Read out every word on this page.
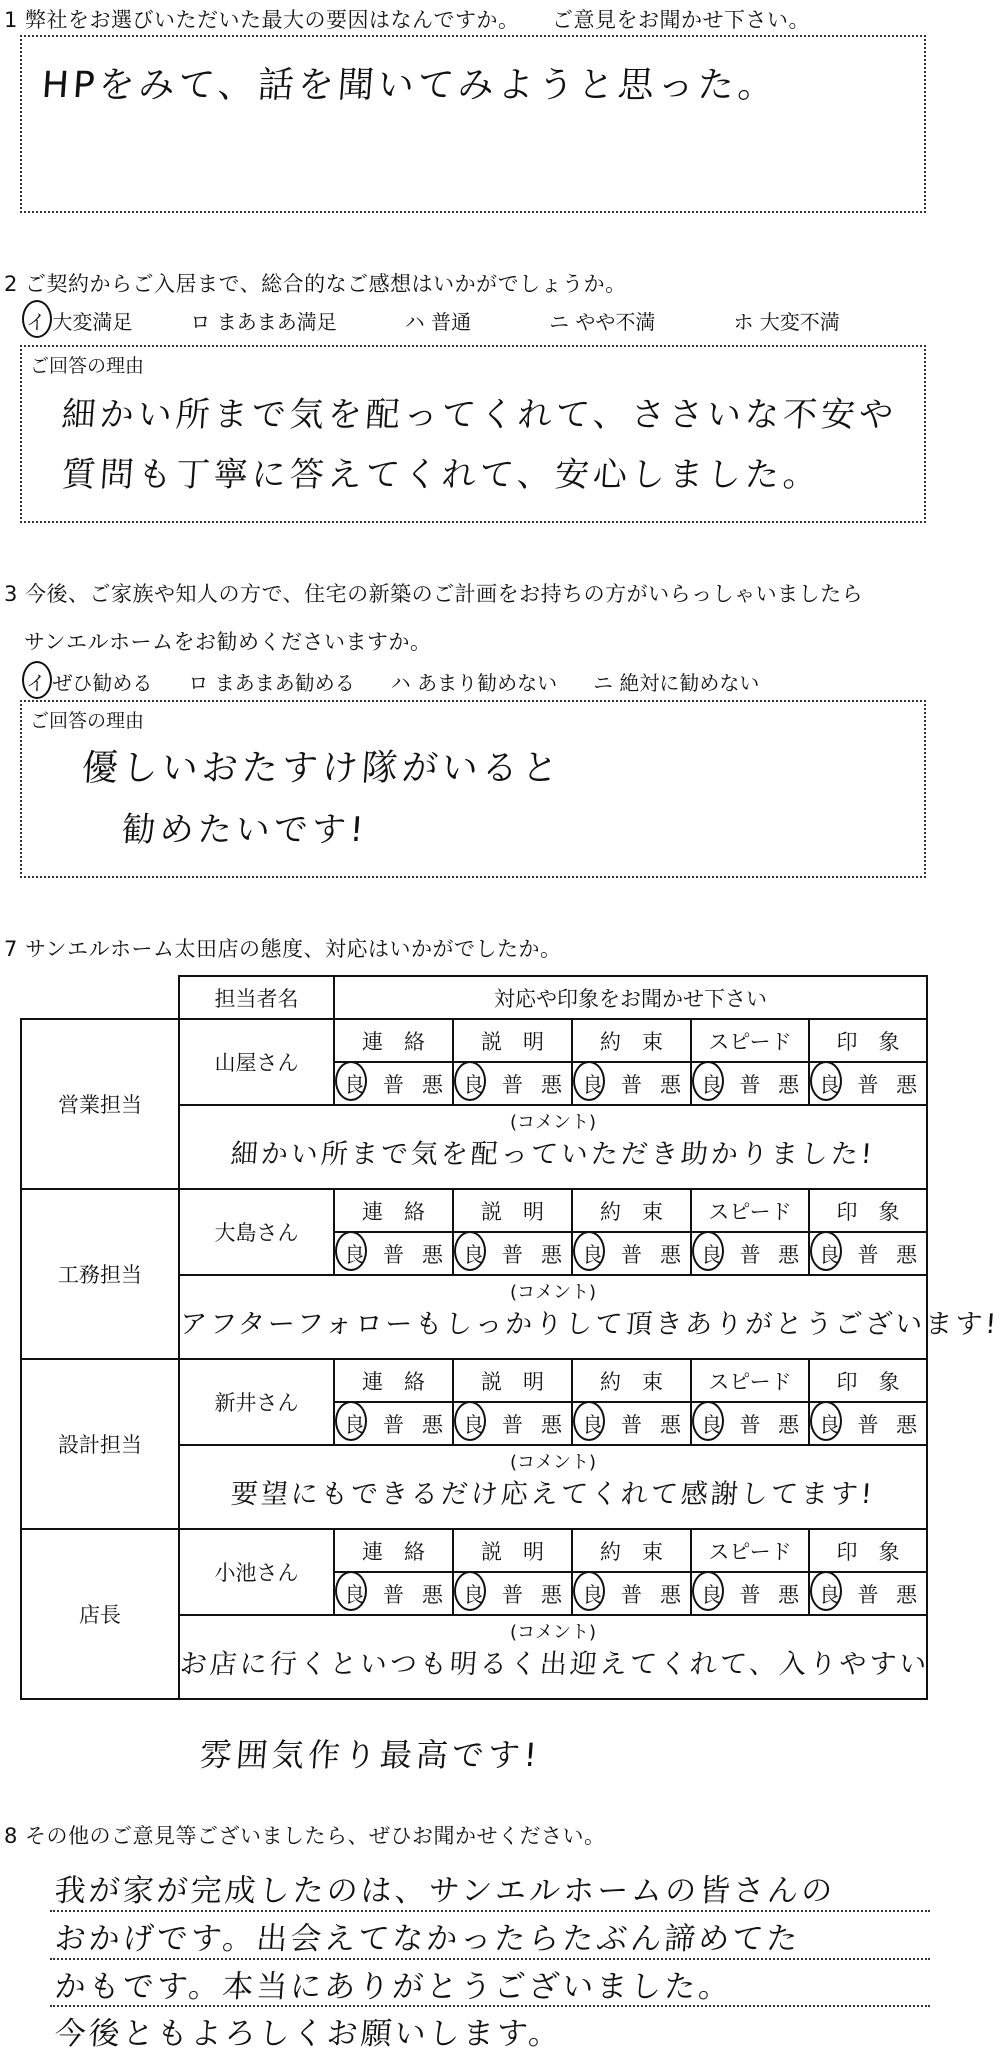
1 弊社をお選びいただいた最大の要因はなんですか。　　ご意見をお聞かせ下さい。
HPをみて、話を聞いてみようと思った。
2 ご契約からご入居まで、総合的なご感想はいかがでしょうか。
イ 大変満足	ロ まあまあ満足	ハ 普通	ニ やや不満	ホ 大変不満
ご回答の理由
細かい所まで気を配ってくれて、ささいな不安や
質問も丁寧に答えてくれて、安心しました。
3 今後、ご家族や知人の方で、住宅の新築のご計画をお持ちの方がいらっしゃいましたら
サンエルホームをお勧めくださいますか。
イ ぜひ勧める ロ まあまあ勧める ハ あまり勧めない ニ 絶対に勧めない
ご回答の理由
優しいおたすけ隊がいると
勧めたいです!
7 サンエルホーム太田店の態度、対応はいかがでしたか。
	担当者名	対応や印象をお聞かせ下さい				
営業担当	山屋さん	連　絡	説　明	約　束	スピード	印　象

		良 普 悪	良 普 悪	良 普 悪	良 普 悪	良 普 悪

	(コメント)
細かい所まで気を配っていただき助かりました!					

工務担当	大島さん	連　絡	説　明	約　束	スピード	印　象

		良 普 悪	良 普 悪	良 普 悪	良 普 悪	良 普 悪

	(コメント)
アフターフォローもしっかりして頂きありがとうございます!					

設計担当	新井さん	連　絡	説　明	約　束	スピード	印　象

		良 普 悪	良 普 悪	良 普 悪	良 普 悪	良 普 悪

	(コメント)
要望にもできるだけ応えてくれて感謝してます!					

店長	小池さん	連　絡	説　明	約　束	スピード	印　象

		良 普 悪	良 普 悪	良 普 悪	良 普 悪	良 普 悪

	(コメント)
お店に行くといつも明るく出迎えてくれて、入りやすい					
雰囲気作り最高です!
8 その他のご意見等ございましたら、ぜひお聞かせください。
我が家が完成したのは、サンエルホームの皆さんの
おかげです。出会えてなかったらたぶん諦めてた
かもです。本当にありがとうございました。
今後ともよろしくお願いします。
